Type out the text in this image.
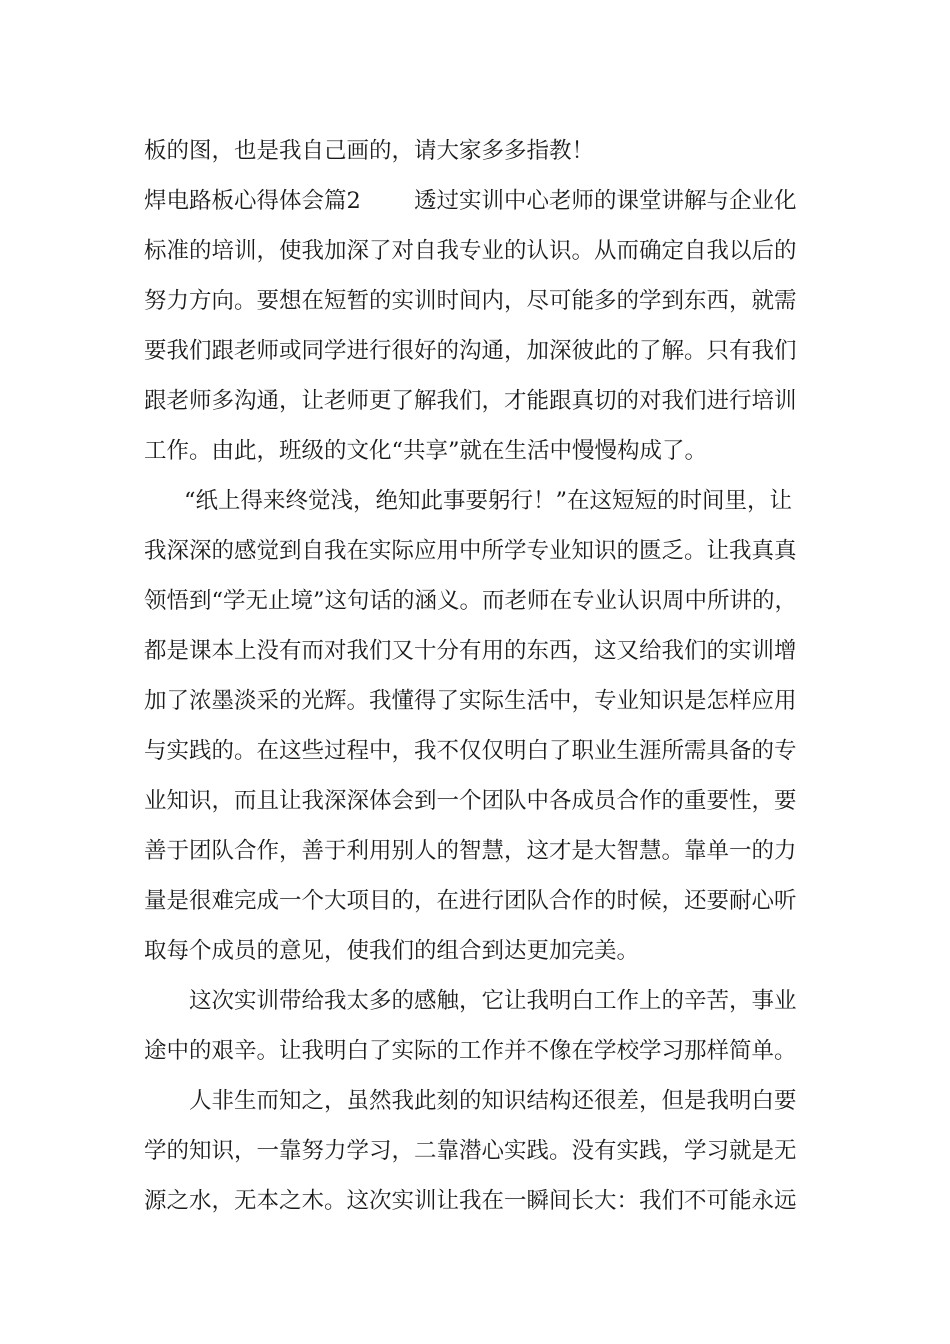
板的图，也是我自己画的，请大家多多指教！
焊电路板心得体会篇2 透过实训中心老师的课堂讲解与企业化
标准的培训，使我加深了对自我专业的认识。从而确定自我以后的
努力方向。要想在短暂的实训时间内，尽可能多的学到东西，就需
要我们跟老师或同学进行很好的沟通，加深彼此的了解。只有我们
跟老师多沟通，让老师更了解我们，才能跟真切的对我们进行培训
工作。由此，班级的文化“共享”就在生活中慢慢构成了。
“纸上得来终觉浅，绝知此事要躬行！”在这短短的时间里，让
我深深的感觉到自我在实际应用中所学专业知识的匮乏。让我真真
领悟到“学无止境”这句话的涵义。而老师在专业认识周中所讲的，
都是课本上没有而对我们又十分有用的东西，这又给我们的实训增
加了浓墨淡采的光辉。我懂得了实际生活中，专业知识是怎样应用
与实践的。在这些过程中，我不仅仅明白了职业生涯所需具备的专
业知识，而且让我深深体会到一个团队中各成员合作的重要性，要
善于团队合作，善于利用别人的智慧，这才是大智慧。靠单一的力
量是很难完成一个大项目的，在进行团队合作的时候，还要耐心听
取每个成员的意见，使我们的组合到达更加完美。
这次实训带给我太多的感触，它让我明白工作上的辛苦，事业
途中的艰辛。让我明白了实际的工作并不像在学校学习那样简单。
人非生而知之，虽然我此刻的知识结构还很差，但是我明白要
学的知识，一靠努力学习，二靠潜心实践。没有实践，学习就是无
源之水，无本之木。这次实训让我在一瞬间长大：我们不可能永远
